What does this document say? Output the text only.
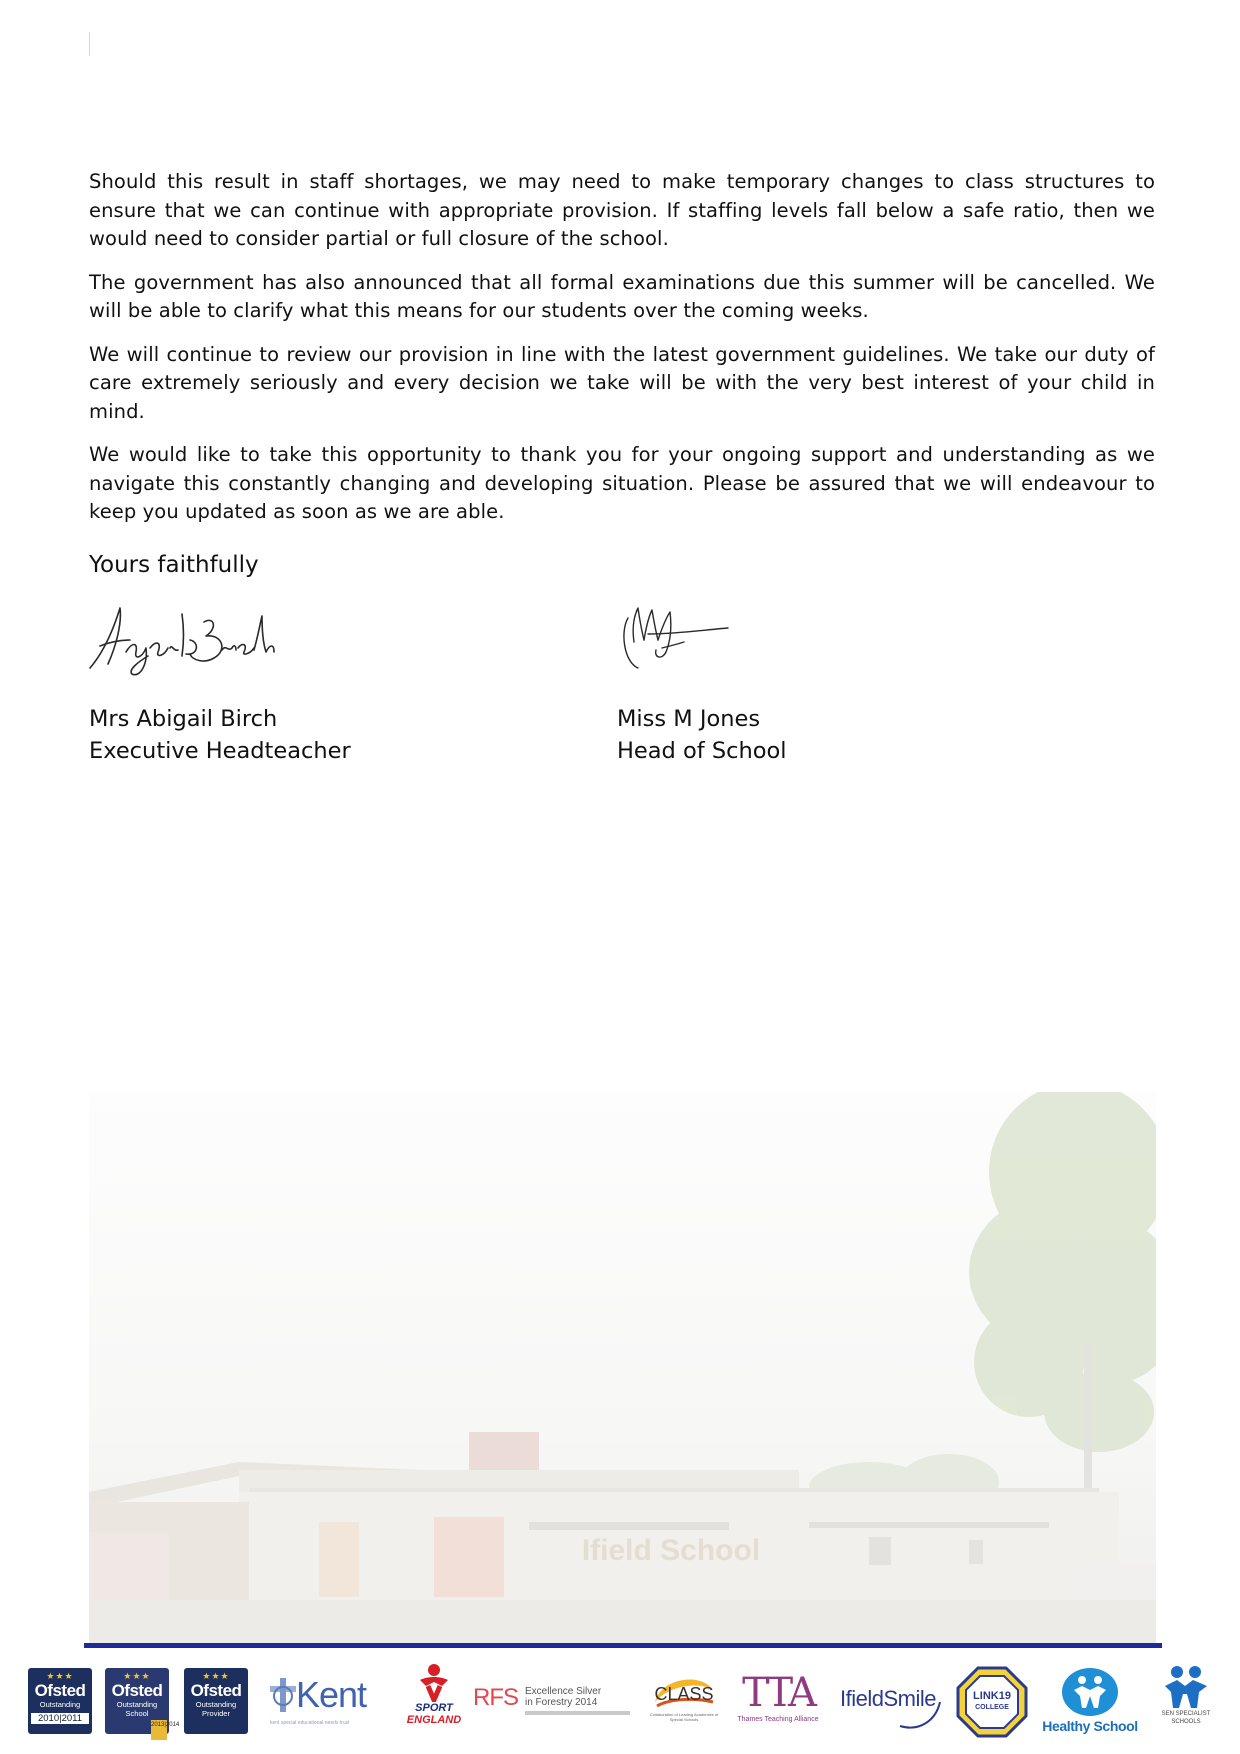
Should this result in staff shortages, we may need to make temporary changes to class structures to ensure that we can continue with appropriate provision. If staffing levels fall below a safe ratio, then we would need to consider partial or full closure of the school.

The government has also announced that all formal examinations due this summer will be cancelled. We will be able to clarify what this means for our students over the coming weeks.

We will continue to review our provision in line with the latest government guidelines. We take our duty of care extremely seriously and every decision we take will be with the very best interest of your child in mind.

We would like to take this opportunity to thank you for your ongoing support and understanding as we navigate this constantly changing and developing situation. Please be assured that we will endeavour to keep you updated as soon as we are able.

Yours faithfully

Mrs Abigail Birch
Executive Headteacher
Miss M Jones
Head of School
Ifield School
★★★
Ofsted
Outstanding
2010|2011
★★★
Ofsted
Outstanding
School
2013|2014
★★★
Ofsted
Outstanding
Provider	Kent
kent special educational needs trust
SPORT
ENGLAND
RFS Excellence Silver
in Forestry 2014	CLASS
Collaboration of Leading Academies of Special Schools
TTA
Thames Teaching Alliance
IfieldSmile	LINK19
COLLEGE
Healthy School
SEN SPECIALIST
SCHOOLS
